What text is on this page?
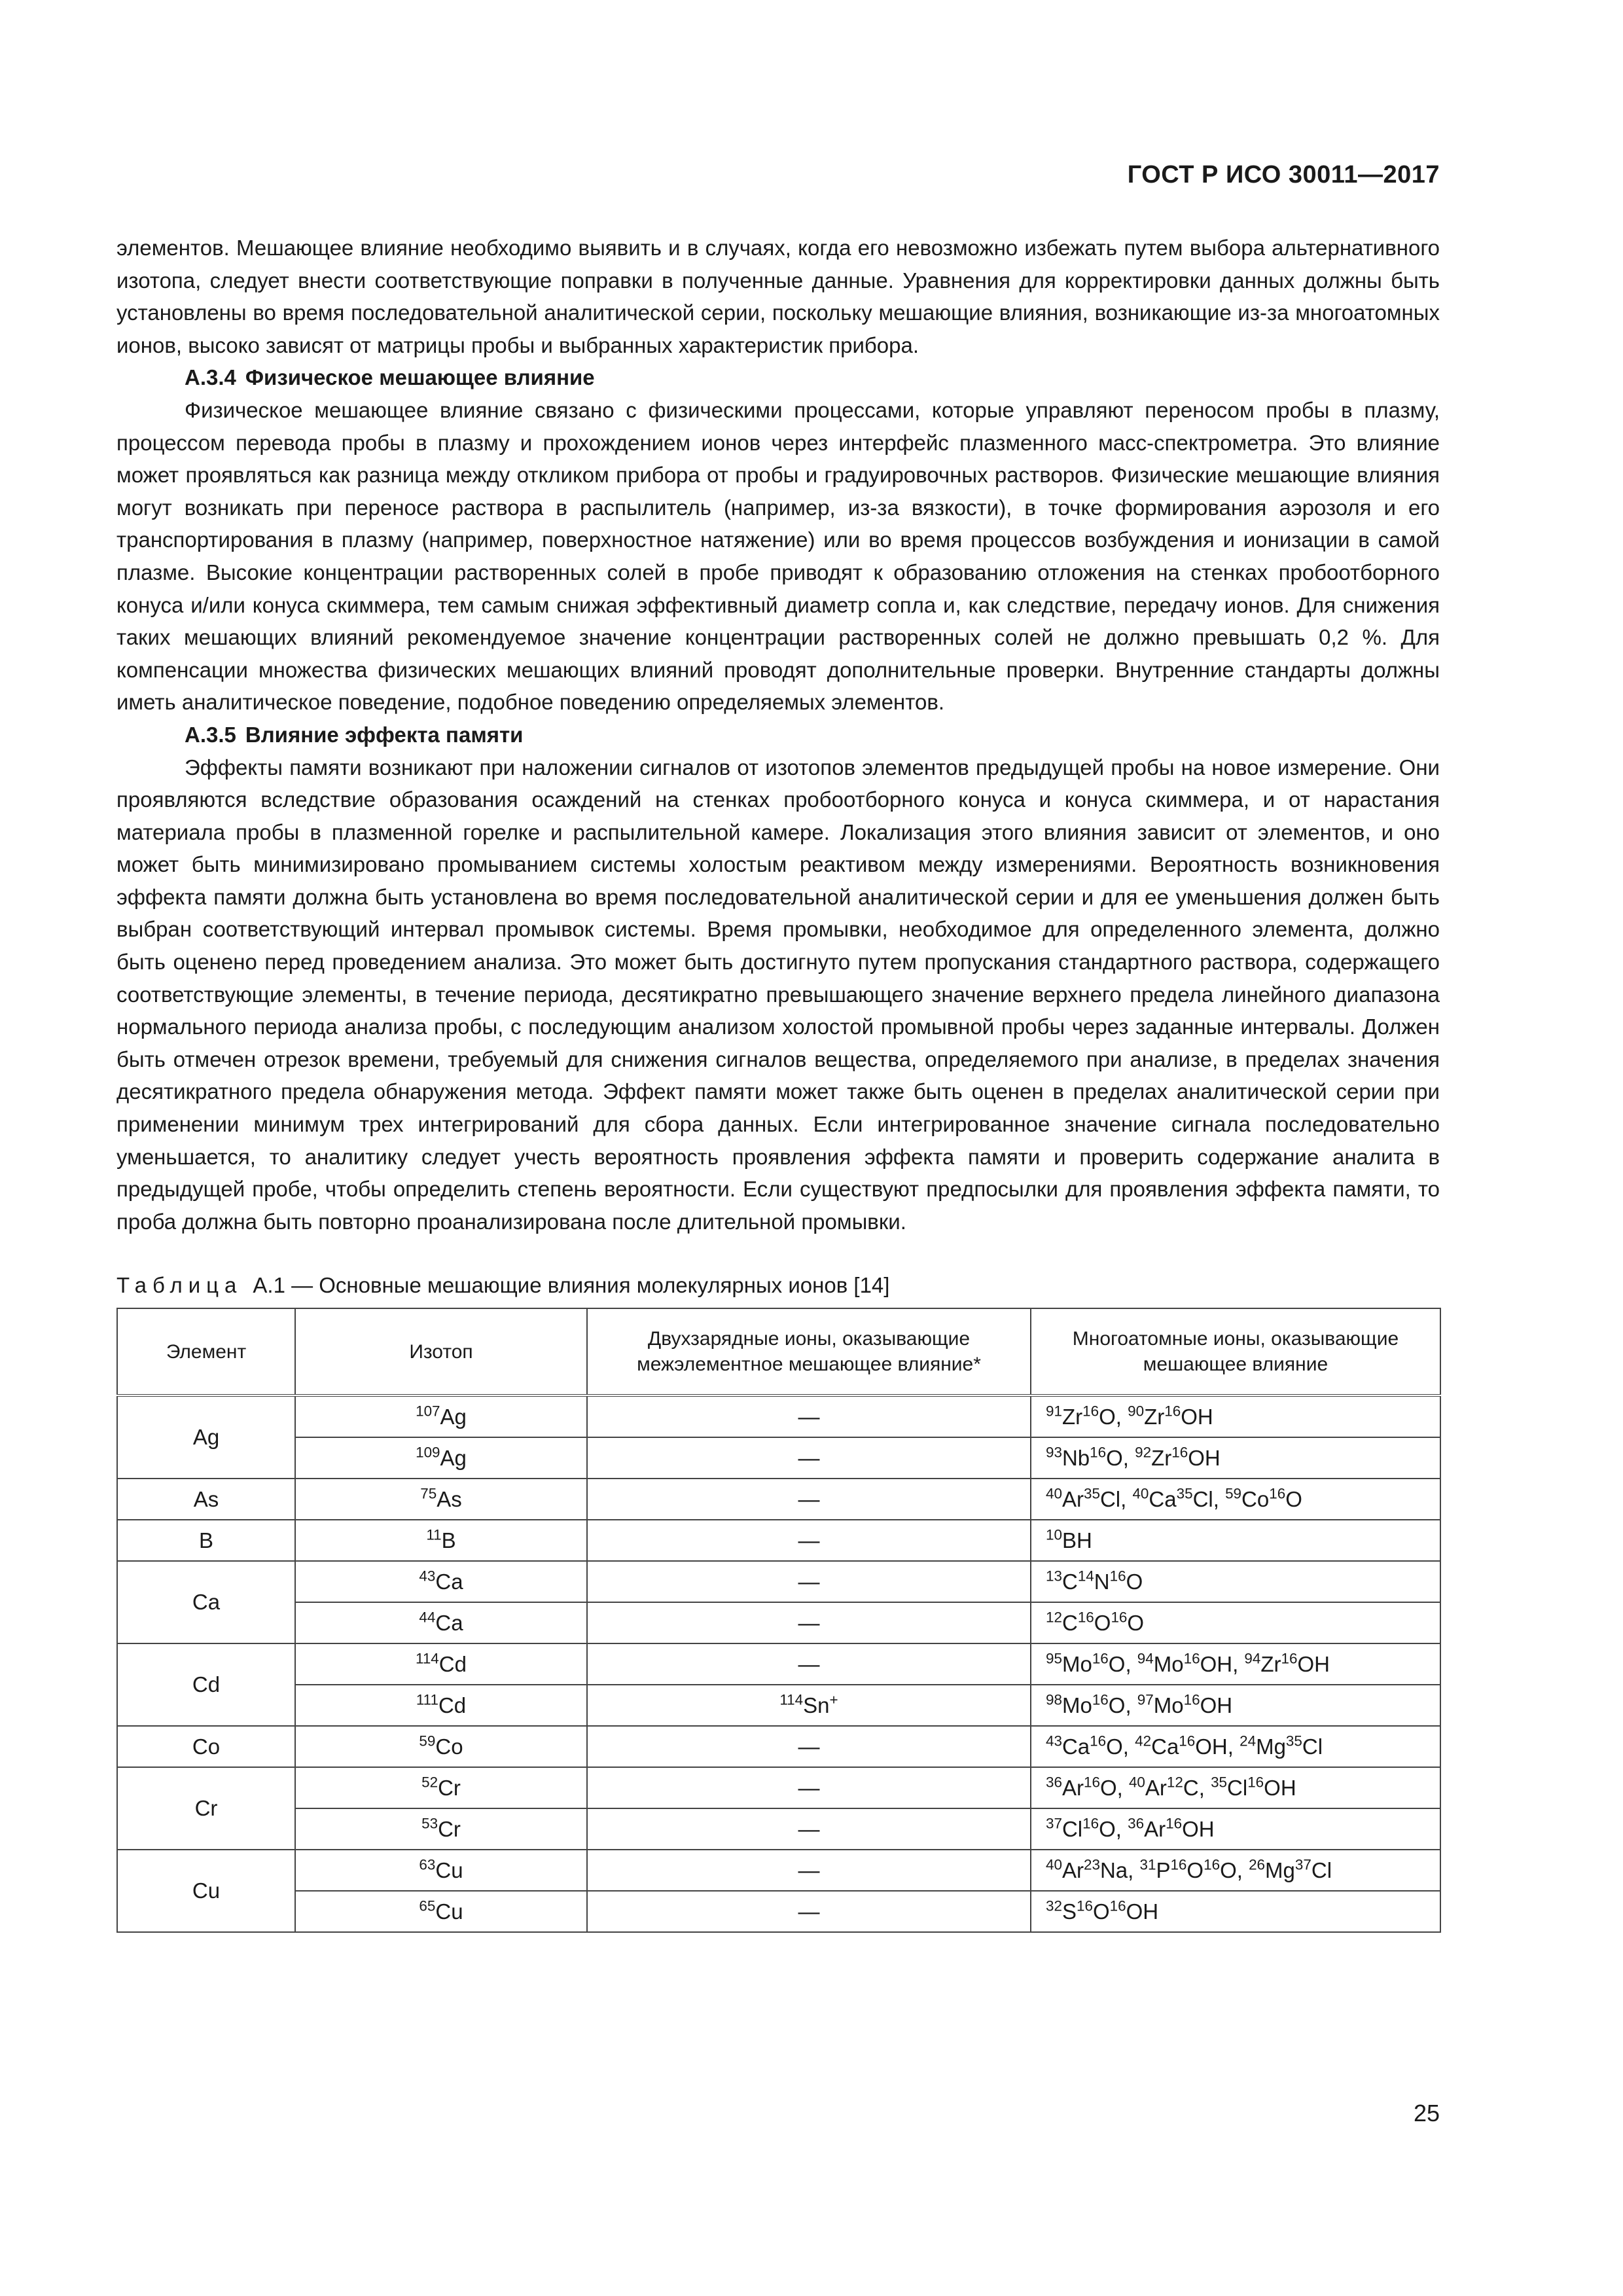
ГОСТ Р ИСО 30011—2017

элементов. Мешающее влияние необходимо выявить и в случаях, когда его невозможно избежать путем выбора альтернативного изотопа, следует внести соответствующие поправки в полученные данные. Уравнения для корректировки данных должны быть установлены во время последовательной аналитической серии, поскольку мешающие влияния, возникающие из-за многоатомных ионов, высоко зависят от матрицы пробы и выбранных характеристик прибора.

А.3.4 Физическое мешающее влияние

Физическое мешающее влияние связано с физическими процессами, которые управляют переносом пробы в плазму, процессом перевода пробы в плазму и прохождением ионов через интерфейс плазменного масс-спектрометра. Это влияние может проявляться как разница между откликом прибора от пробы и градуировочных растворов. Физические мешающие влияния могут возникать при переносе раствора в распылитель (например, из-за вязкости), в точке формирования аэрозоля и его транспортирования в плазму (например, поверхностное натяжение) или во время процессов возбуждения и ионизации в самой плазме. Высокие концентрации растворенных солей в пробе приводят к образованию отложения на стенках пробоотборного конуса и/или конуса скиммера, тем самым снижая эффективный диаметр сопла и, как следствие, передачу ионов. Для снижения таких мешающих влияний рекомендуемое значение концентрации растворенных солей не должно превышать 0,2 %. Для компенсации множества физических мешающих влияний проводят дополнительные проверки. Внутренние стандарты должны иметь аналитическое поведение, подобное поведению определяемых элементов.

А.3.5 Влияние эффекта памяти

Эффекты памяти возникают при наложении сигналов от изотопов элементов предыдущей пробы на новое измерение. Они проявляются вследствие образования осаждений на стенках пробоотборного конуса и конуса скиммера, и от нарастания материала пробы в плазменной горелке и распылительной камере. Локализация этого влияния зависит от элементов, и оно может быть минимизировано промыванием системы холостым реактивом между измерениями. Вероятность возникновения эффекта памяти должна быть установлена во время последовательной аналитической серии и для ее уменьшения должен быть выбран соответствующий интервал промывок системы. Время промывки, необходимое для определенного элемента, должно быть оценено перед проведением анализа. Это может быть достигнуто путем пропускания стандартного раствора, содержащего соответствующие элементы, в течение периода, десятикратно превышающего значение верхнего предела линейного диапазона нормального периода анализа пробы, с последующим анализом холостой промывной пробы через заданные интервалы. Должен быть отмечен отрезок времени, требуемый для снижения сигналов вещества, определяемого при анализе, в пределах значения десятикратного предела обнаружения метода. Эффект памяти может также быть оценен в пределах аналитической серии при применении минимум трех интегрирований для сбора данных. Если интегрированное значение сигнала последовательно уменьшается, то аналитику следует учесть вероятность проявления эффекта памяти и проверить содержание аналита в предыдущей пробе, чтобы определить степень вероятности. Если существуют предпосылки для проявления эффекта памяти, то проба должна быть повторно проанализирована после длительной промывки.

Таблица А.1 — Основные мешающие влияния молекулярных ионов [14]
Элемент	Изотоп	Двухзарядные ионы, оказывающие межэлементное мешающее влияние*	Многоатомные ионы, оказывающие мешающее влияние
Ag	$^{107}$Ag	—	$^{91}$Zr$^{16}$O, $^{90}$Zr$^{16}$OH
	$^{109}$Ag	—	$^{93}$Nb$^{16}$O, $^{92}$Zr$^{16}$OH
As	$^{75}$As	—	$^{40}$Ar$^{35}$Cl, $^{40}$Ca$^{35}$Cl, $^{59}$Co$^{16}$O
B	$^{11}$B	—	$^{10}$BH
Ca	$^{43}$Ca	—	$^{13}C^{14}N^{16}O$
	$^{44}$Ca	—	$^{12}C^{16}O^{16}O$
Cd	$^{114}$Cd	—	$^{95}$Mo$^{16}$O, $^{94}$Mo$^{16}$OH, $^{94}$Zr$^{16}$OH
	$^{111}$Cd	$^{114}$Sn+	$^{98}$Mo$^{16}$O, $^{97}$Mo$^{16}$OH
Co	$^{59}$Co	—	$^{43}$Ca$^{16}$O, $^{42}$Ca$^{16}$OH, $^{24}$Mg$^{35}$Cl
Cr	$^{52}$Cr	—	$^{36}$Ar$^{16}$O, $^{40}$Ar$^{12}$C, $^{35}$Cl$^{16}$OH
	$^{53}$Cr	—	$^{37}$Cl$^{16}$O, $^{36}$Ar$^{16}$OH
Cu	$^{63}$Cu	—	$^{40}$Ar$^{23}$Na, $^{31}P^{16}O^{16}O$, $^{26}$Mg$^{37}$Cl
	$^{65}$Cu	—	$^{32}S^{16}O^{16}OH$
25
